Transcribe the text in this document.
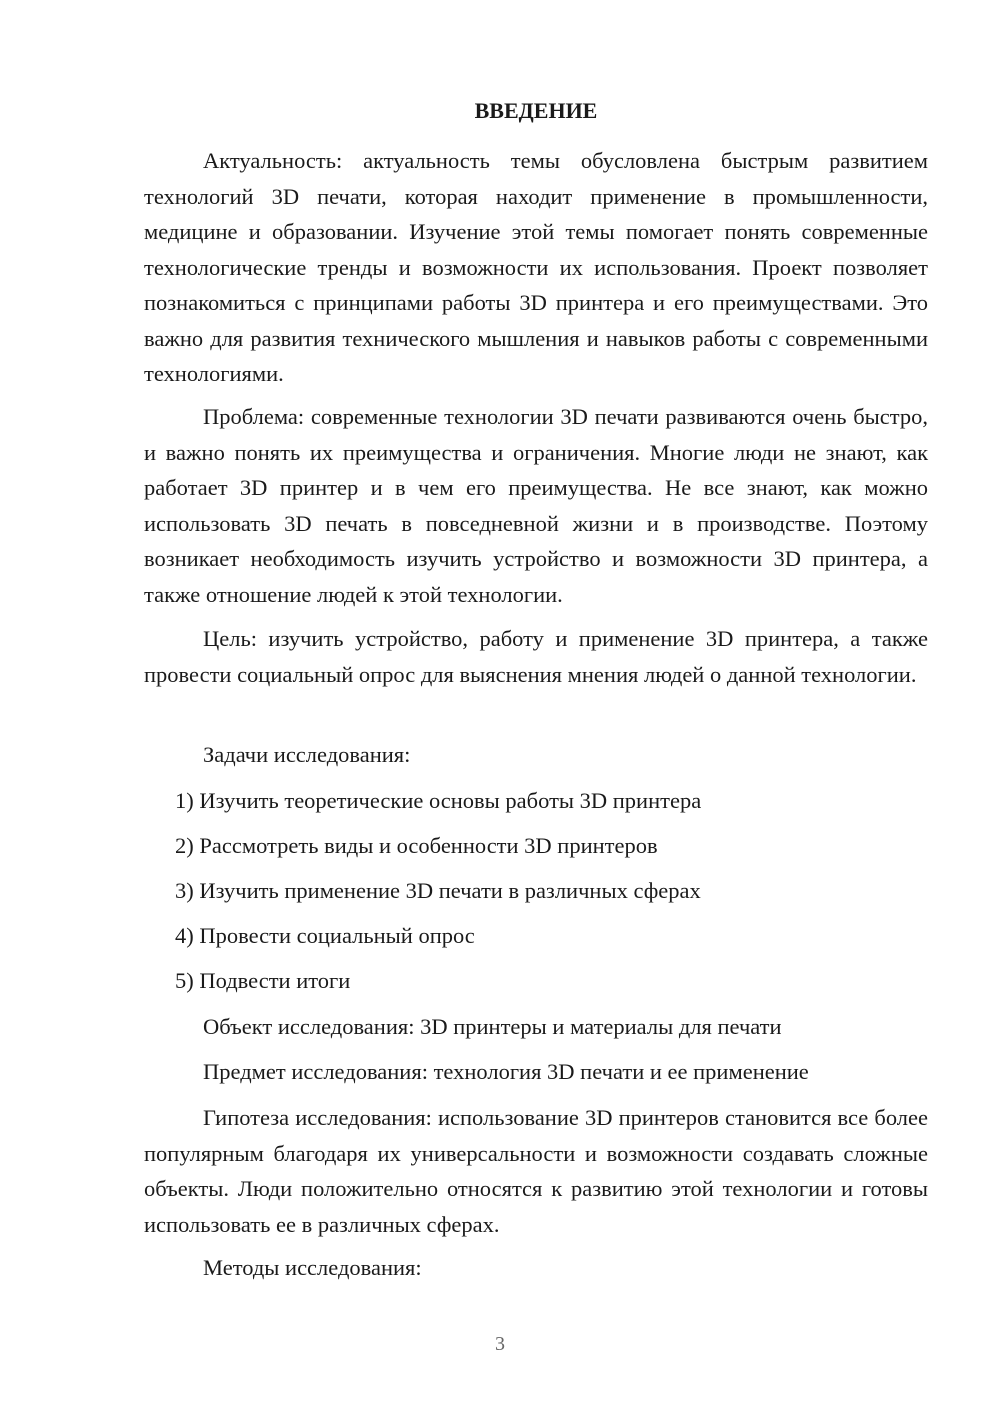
ВВЕДЕНИЕ

Актуальность: актуальность темы обусловлена быстрым развитием технологий 3D печати, которая находит применение в промышленности, медицине и образовании. Изучение этой темы помогает понять современные технологические тренды и возможности их использования. Проект позволяет познакомиться с принципами работы 3D принтера и его преимуществами. Это важно для развития технического мышления и навыков работы с современными технологиями.

Проблема: современные технологии 3D печати развиваются очень быстро, и важно понять их преимущества и ограничения. Многие люди не знают, как работает 3D принтер и в чем его преимущества. Не все знают, как можно использовать 3D печать в повседневной жизни и в производстве. Поэтому возникает необходимость изучить устройство и возможности 3D принтера, а также отношение людей к этой технологии.

Цель: изучить устройство, работу и применение 3D принтера, а также провести социальный опрос для выяснения мнения людей о данной технологии.

Задачи исследования:
1) Изучить теоретические основы работы 3D принтера
2) Рассмотреть виды и особенности 3D принтеров
3) Изучить применение 3D печати в различных сферах
4) Провести социальный опрос
5) Подвести итоги
Объект исследования: 3D принтеры и материалы для печати
Предмет исследования: технология 3D печати и ее применение

Гипотеза исследования: использование 3D принтеров становится все более популярным благодаря их универсальности и возможности создавать сложные объекты. Люди положительно относятся к развитию этой технологии и готовы использовать ее в различных сферах.

Методы исследования:
3
